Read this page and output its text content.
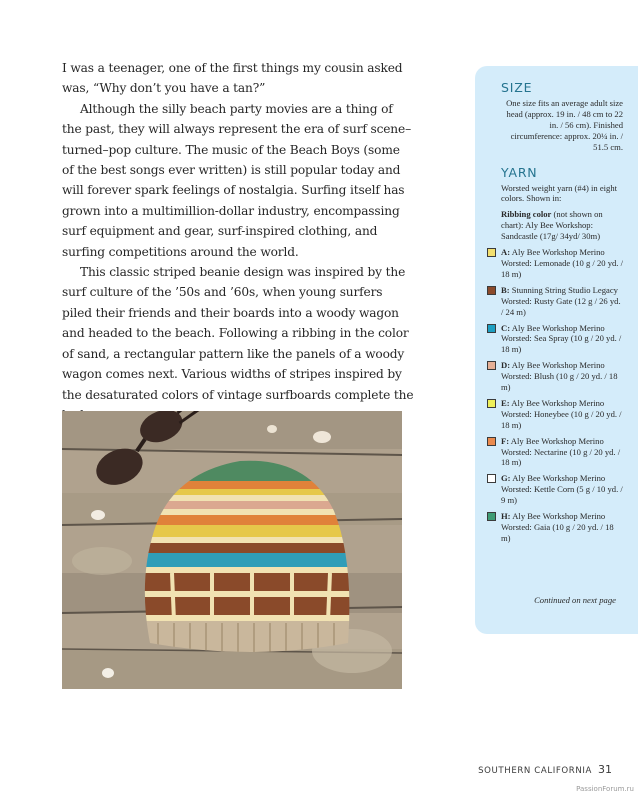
I was a teenager, one of the first things my cousin asked was, “Why don’t you have a tan?”

Although the silly beach party movies are a thing of the past, they will always represent the era of surf scene–turned–pop culture. The music of the Beach Boys (some of the best songs ever written) is still popular today and will forever spark feelings of nostalgia. Surfing itself has grown into a multimillion-dollar industry, encompassing surf equipment and gear, surf-inspired clothing, and surfing competitions around the world.

This classic striped beanie design was inspired by the surf culture of the ’50s and ’60s, when young surfers piled their friends and their boards into a woody wagon and headed to the beach. Following a ribbing in the color of sand, a rectangular pattern like the panels of a woody wagon comes next. Various widths of stripes inspired by the desaturated colors of vintage surfboards complete the

SIZE
One size fits an average adult size head (approx. 19 in. / 48 cm to 22 in. / 56 cm). Finished circumference: approx. 20¼ in. / 51.5 cm.
YARN

Worsted weight yarn (#4) in eight colors. Shown in:

Ribbing color (not shown on chart): Aly Bee Workshop: Sandcastle (17g/ 34yd/ 30m)

A: Aly Bee Workshop Merino Worsted: Lemonade (10 g / 20 yd. / 18 m)
B: Stunning String Studio Legacy Worsted: Rusty Gate (12 g / 26 yd. / 24 m)
C: Aly Bee Workshop Merino Worsted: Sea Spray (10 g / 20 yd. / 18 m)
D: Aly Bee Workshop Merino Worsted: Blush (10 g / 20 yd. / 18 m)
E: Aly Bee Workshop Merino Worsted: Honeybee (10 g / 20 yd. / 18 m)
F: Aly Bee Workshop Merino Worsted: Nectarine (10 g / 20 yd. / 18 m)
G: Aly Bee Workshop Merino Worsted: Kettle Corn (5 g / 10 yd. / 9 m)
H: Aly Bee Workshop Merino Worsted: Gaia (10 g / 20 yd. / 18 m)
Continued on next page
SOUTHERN CALIFORNIA 31
PassionForum.ru
